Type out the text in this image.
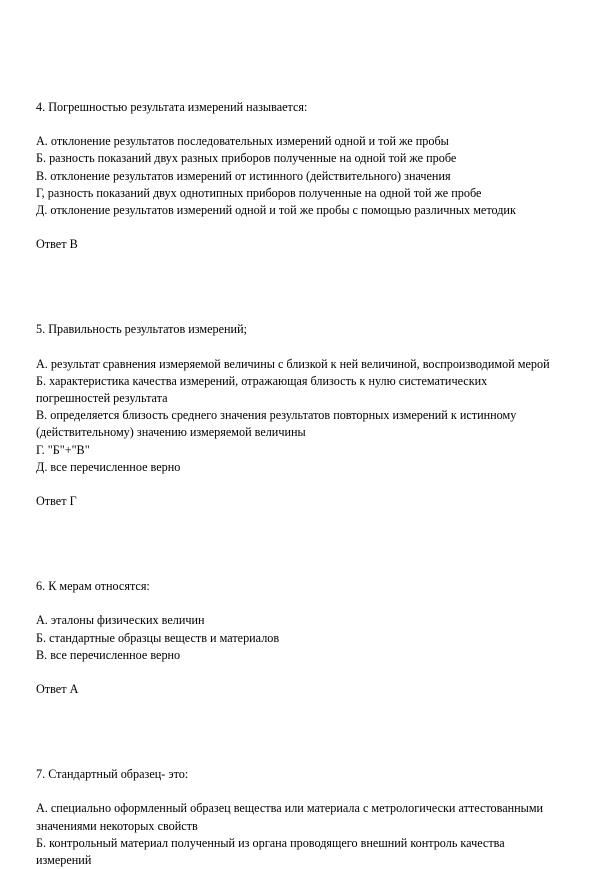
4. Погрешностью результата измерений называется:

А. отклонение результатов последовательных измерений одной и той же пробы

Б. разность показаний двух разных приборов полученные на одной той же пробе

В. отклонение результатов измерений от истинного (действительного) значения

Г, разность показаний двух однотипных приборов полученные на одной той же пробе

Д. отклонение результатов измерений одной и той же пробы с помощью различных методик

Ответ В

5. Правильность результатов измерений;

А. результат сравнения измеряемой величины с близкой к ней величиной, воспроизводимой мерой

Б. характеристика качества измерений, отражающая близость к нулю систематических погрешностей результата

В. определяется близость среднего значения результатов повторных измерений к истинному (действительному) значению измеряемой величины

Г. "Б"+"В"

Д. все перечисленное верно

Ответ Г

6. К мерам относятся:

А. эталоны физических величин

Б. стандартные образцы веществ и материалов

В. все перечисленное верно

Ответ А

7. Стандартный образец- это:

А. специально оформленный образец вещества или материала с метрологически аттестованными значениями некоторых свойств

Б. контрольный материал полученный из органа проводящего внешний контроль качества измерений
